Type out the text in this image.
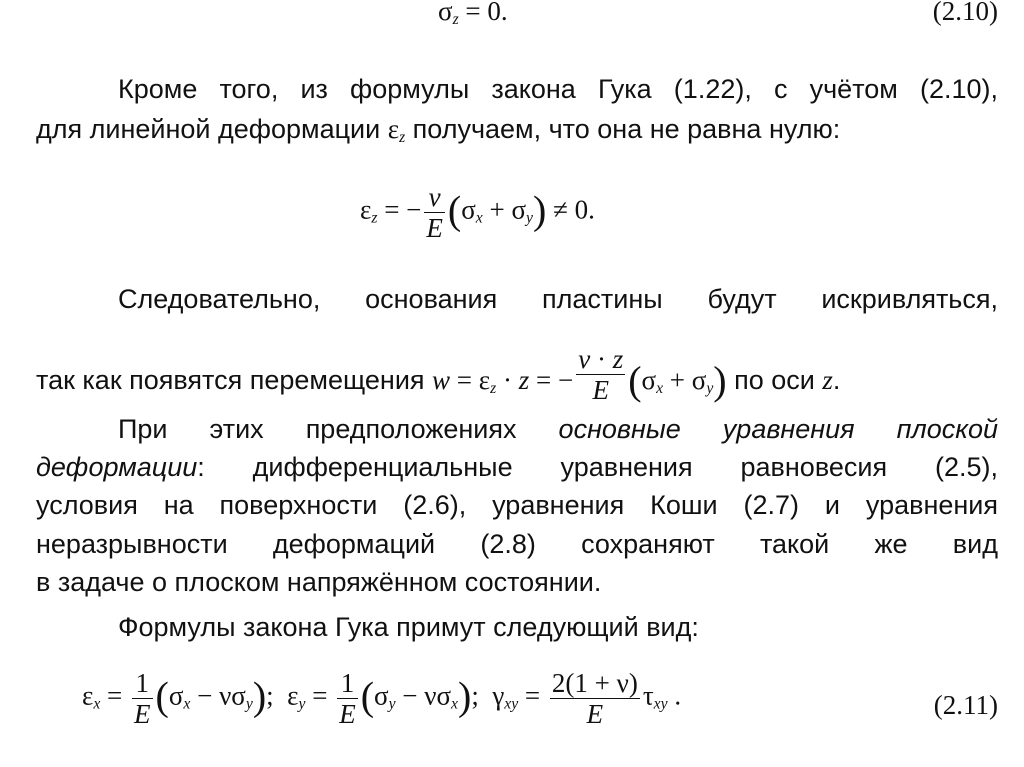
$\sigma_z = 0$.	(2.10)
Кроме того, из формулы закона Гука (1.22), с учётом (2.10),
для линейной деформации $\varepsilon_z$ получаем, что она не равна нулю:
$\varepsilon_z$ = − $\frac{\nu}{E} (\sigma_x + \sigma_y) \ne 0$.
Следовательно, основания пластины будут искривляться,
так как появятся перемещения $w = \varepsilon_z \cdot z$ = − $\frac{\nu \cdot z}{E} (\sigma_x + \sigma_y)$ по оси z.
При этих предположениях основные уравнения плоской
деформации: дифференциальные уравнения равновесия (2.5),
условия на поверхности (2.6), уравнения Коши (2.7) и уравнения
неразрывности деформаций (2.8) сохраняют такой же вид
в задаче о плоском напряжённом состоянии.
Формулы закона Гука примут следующий вид:
$\varepsilon_x = \frac{1}{E} (\sigma_x - \nu\sigma_y)$;  $\varepsilon_y = \frac{1}{E} (\sigma_y - \nu\sigma_x)$;  $\gamma_{xy} = \frac{2(1 + \nu)}{E} \tau_{xy}$ .	(2.11)
